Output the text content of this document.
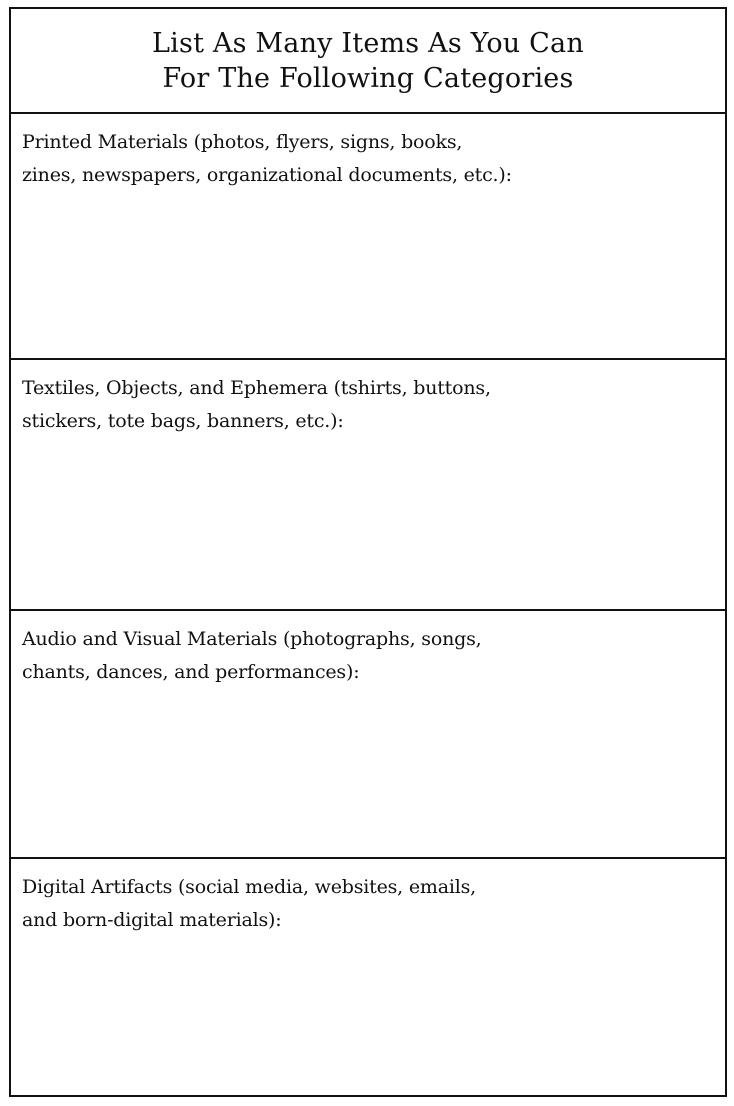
List As Many Items As You Can
For The Following Categories

Printed Materials (photos, flyers, signs, books,
zines, newspapers, organizational documents, etc.):

Textiles, Objects, and Ephemera (tshirts, buttons,
stickers, tote bags, banners, etc.):

Audio and Visual Materials (photographs, songs,
chants, dances, and performances):

Digital Artifacts (social media, websites, emails,
and born-digital materials):
